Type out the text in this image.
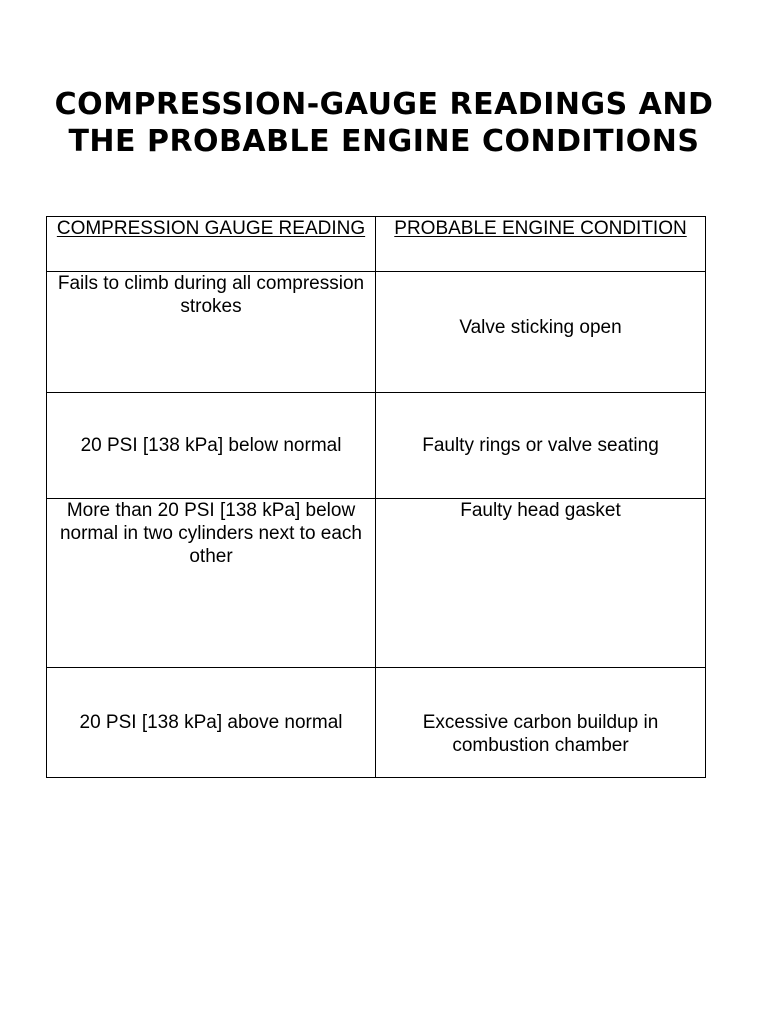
COMPRESSION-GAUGE READINGS AND THE PROBABLE ENGINE CONDITIONS
COMPRESSION GAUGE READING	PROBABLE ENGINE CONDITION
Fails to climb during all compression strokes	Valve sticking open
20 PSI [138 kPa] below normal	Faulty rings or valve seating
More than 20 PSI [138 kPa] below normal in two cylinders next to each other	Faulty head gasket
20 PSI [138 kPa] above normal	Excessive carbon buildup in combustion chamber
